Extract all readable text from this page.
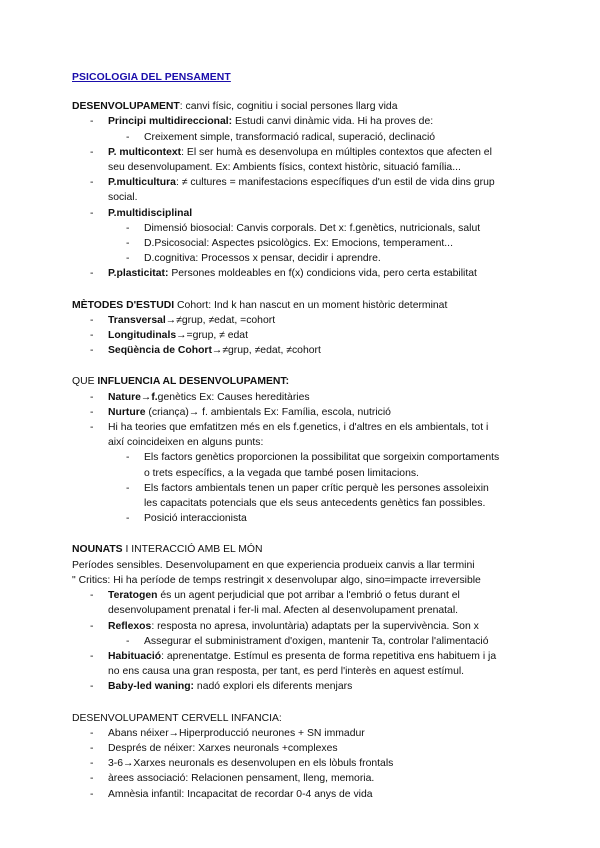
PSICOLOGIA DEL PENSAMENT

DESENVOLUPAMENT: canvi físic, cognitiu i social persones llarg vida

- Principi multidireccional: Estudi canvi dinàmic vida. Hi ha proves de:
- Creixement simple, transformació radical, superació, declinació
- P. multicontext: El ser humà es desenvolupa en múltiples contextos que afecten el
seu desenvolupament. Ex: Ambients físics, context històric, situació família...
- P.multicultura: ≠ cultures = manifestacions específiques d'un estil de vida dins grup
social.
- P.multidisciplinal
- Dimensió biosocial: Canvis corporals. Det x: f.genètics, nutricionals, salut
- D.Psicosocial: Aspectes psicològics. Ex: Emocions, temperament...
- D.cognitiva: Processos x pensar, decidir i aprendre.
- P.plasticitat: Persones moldeables en f(x) condicions vida, pero certa estabilitat

MÈTODES D'ESTUDI Cohort: Ind k han nascut en un moment històric determinat

- Transversal→≠grup, ≠edat, =cohort
- Longitudinals→=grup, ≠ edat
- Seqüència de Cohort→≠grup, ≠edat, ≠cohort

QUE INFLUENCIA AL DESENVOLUPAMENT:

- Nature→f.genètics Ex: Causes hereditàries
- Nurture (criança)→ f. ambientals Ex: Família, escola, nutrició
- Hi ha teories que emfatitzen més en els f.genetics, i d'altres en els ambientals, tot i
així coincideixen en alguns punts:
- Els factors genètics proporcionen la possibilitat que sorgeixin comportaments
o trets específics, a la vegada que també posen limitacions.
- Els factors ambientals tenen un paper crític perquè les persones assoleixin
les capacitats potencials que els seus antecedents genètics fan possibles.
- Posició interaccionista

NOUNATS I INTERACCIÓ AMB EL MÓN

Períodes sensibles. Desenvolupament en que experiencia produeix canvis a llar termini

" Critics: Hi ha període de temps restringit x desenvolupar algo, sino=impacte irreversible

- Teratogen és un agent perjudicial que pot arribar a l'embrió o fetus durant el
desenvolupament prenatal i fer-li mal. Afecten al desenvolupament prenatal.
- Reflexos: resposta no apresa, involuntària) adaptats per la supervivència. Son x
- Assegurar el subministrament d'oxigen, mantenir Ta, controlar l'alimentació
- Habituació: aprenentatge. Estímul es presenta de forma repetitiva ens habituem i ja
no ens causa una gran resposta, per tant, es perd l'interès en aquest estímul.
- Baby-led waning: nadó explori els diferents menjars

DESENVOLUPAMENT CERVELL INFANCIA:

- Abans néixer→Hiperproducció neurones + SN immadur
- Després de néixer: Xarxes neuronals +complexes
- 3-6→Xarxes neuronals es desenvolupen en els lòbuls frontals
- àrees associació: Relacionen pensament, lleng, memoria.
- Amnèsia infantil: Incapacitat de recordar 0-4 anys de vida
